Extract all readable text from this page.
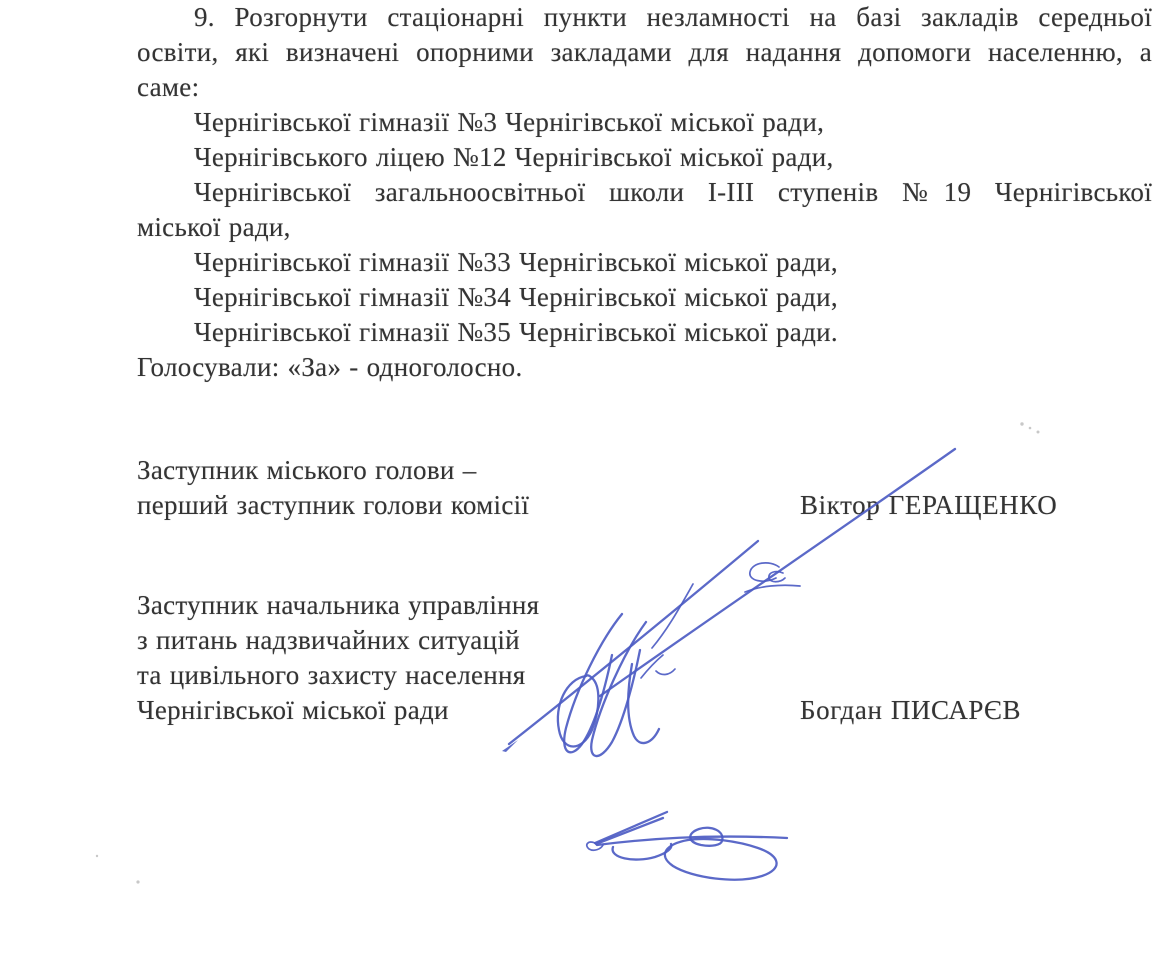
9. Розгорнути стаціонарні пункти незламності на базі закладів середньої

освіти, які визначені опорними закладами для надання допомоги населенню, а

саме:

Чернігівської гімназії №3 Чернігівської міської ради,

Чернігівського ліцею №12 Чернігівської міської ради,

Чернігівської загальноосвітньої школи І-ІІІ ступенів №19 Чернігівської

міської ради,

Чернігівської гімназії №33 Чернігівської міської ради,

Чернігівської гімназії №34 Чернігівської міської ради,

Чернігівської гімназії №35 Чернігівської міської ради.

Голосували: «За» - одноголосно.

Заступник міського голови –

перший заступник голови комісії	Віктор ГЕРАЩЕНКО

Заступник начальника управління

з питань надзвичайних ситуацій

та цивільного захисту населення

Чернігівської міської ради	Богдан ПИСАРЄВ
